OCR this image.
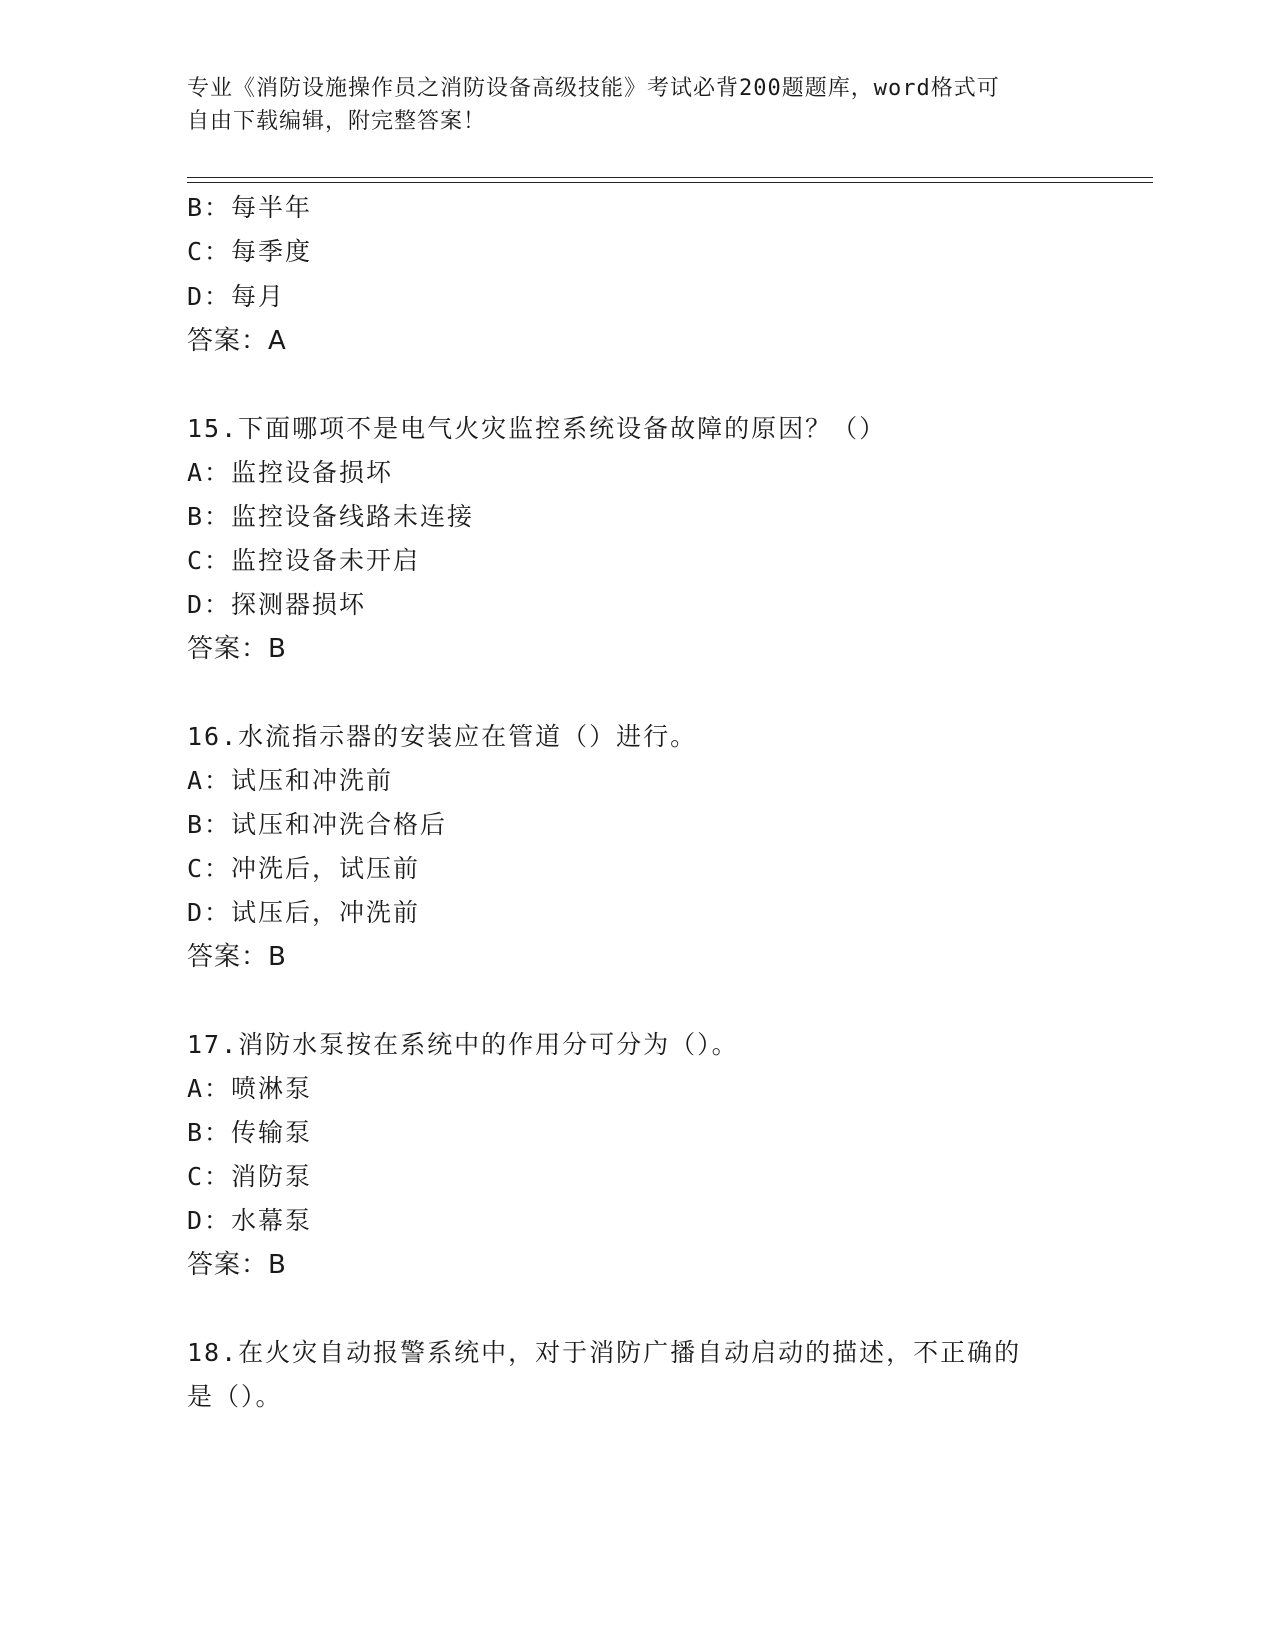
专业《消防设施操作员之消防设备高级技能》考试必背200题题库，word格式可

自由下载编辑，附完整答案！

B：每半年
C：每季度
D：每月
答案：A
15.下面哪项不是电气火灾监控系统设备故障的原因？（）
A：监控设备损坏
B：监控设备线路未连接
C：监控设备未开启
D：探测器损坏
答案：B
16.水流指示器的安装应在管道（）进行。
A：试压和冲洗前
B：试压和冲洗合格后
C：冲洗后，试压前
D：试压后，冲洗前
答案：B
17.消防水泵按在系统中的作用分可分为（）。
A：喷淋泵
B：传输泵
C：消防泵
D：水幕泵
答案：B
18.在火灾自动报警系统中，对于消防广播自动启动的描述，不正确的
是（）。
